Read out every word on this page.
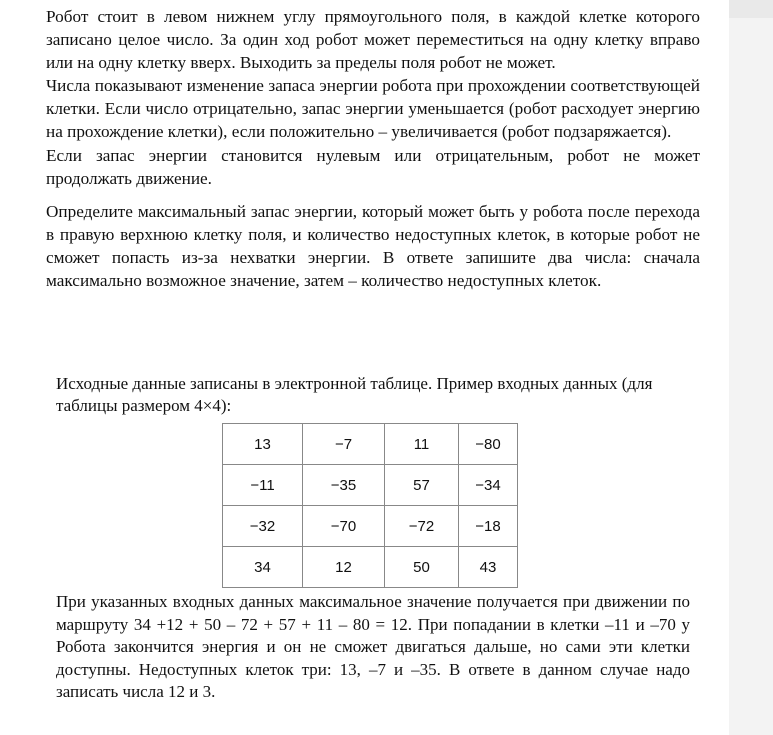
Робот стоит в левом нижнем углу прямоугольного поля, в каждой клетке которого записано целое число. За один ход робот может переместиться на одну клетку вправо или на одну клетку вверх. Выходить за пределы поля робот не может.

Числа показывают изменение запаса энергии робота при прохождении соответствующей клетки. Если число отрицательно, запас энергии уменьшается (робот расходует энергию на прохождение клетки), если положительно – увеличивается (робот подзаряжается).

Если запас энергии становится нулевым или отрицательным, робот не может продолжать движение.

Определите максимальный запас энергии, который может быть у робота после перехода в правую верхнюю клетку поля, и количество недоступных клеток, в которые робот не сможет попасть из-за нехватки энергии. В ответе запишите два числа: сначала максимально возможное значение, затем – количество недоступных клеток.

Исходные данные записаны в электронной таблице. Пример входных данных (для таблицы размером 4×4):

13	−7	11	−80
−11	−35	57	−34
−32	−70	−72	−18
34	12	50	43

При указанных входных данных максимальное значение получается при движении по маршруту 34 +12 + 50 – 72 + 57 + 11 – 80 = 12. При попадании в клетки –11 и –70 у Робота закончится энергия и он не сможет двигаться дальше, но сами эти клетки доступны. Недоступных клеток три: 13, –7 и –35. В ответе в данном случае надо записать числа 12 и 3.
